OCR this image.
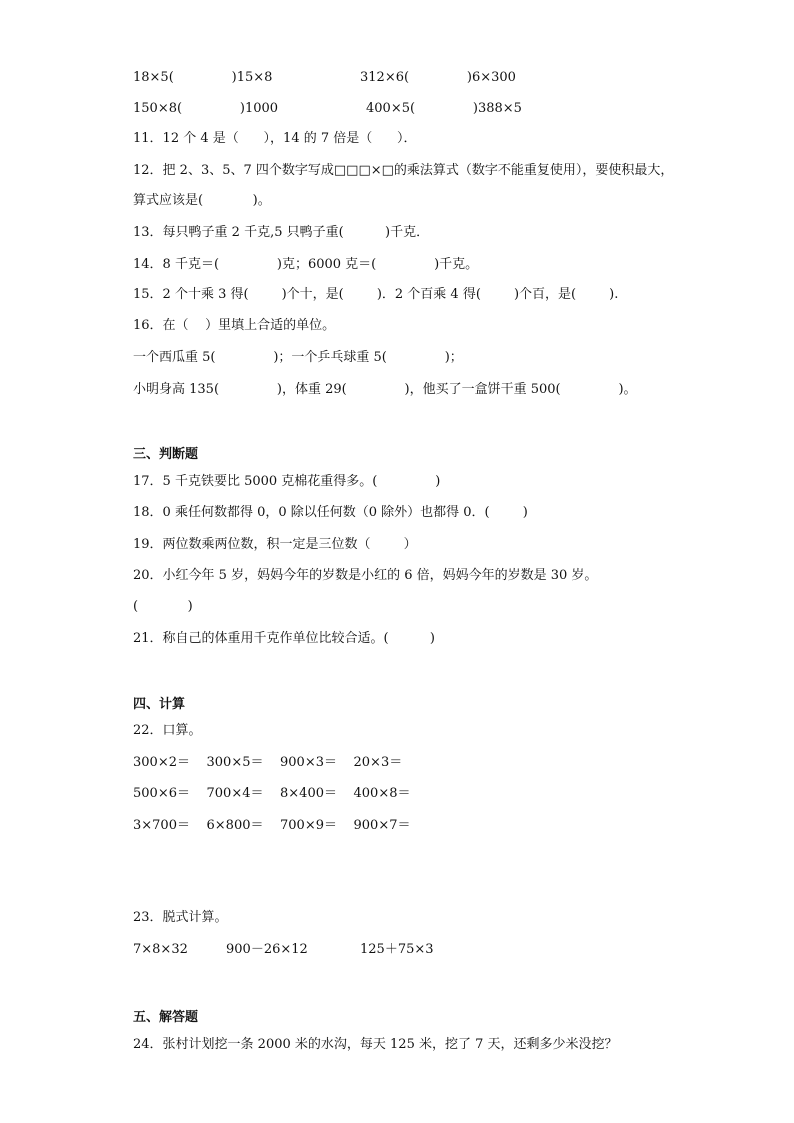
18×5(              )15×8	312×6(              )6×300
150×8(              )1000	400×5(              )388×5
11．12 个 4 是（      ），14 的 7 倍是（      ）．
12．把 2、3、5、7 四个数字写成□□□×□的乘法算式（数字不能重复使用），要使积最大，
算式应该是(            )。
13．每只鸭子重 2 千克,5 只鸭子重(          )千克．
14．8 千克＝(              )克；6000 克＝(              )千克。
15．2 个十乘 3 得(        )个十，是(        )．2 个百乘 4 得(        )个百，是(        ).
16．在（    ）里填上合适的单位。
一个西瓜重 5(              )；一个乒乓球重 5(              )；
小明身高 135(              )，体重 29(              )，他买了一盒饼干重 500(              )。
三、判断题
17．5 千克铁要比 5000 克棉花重得多。(              )
18．0 乘任何数都得 0，0 除以任何数（0 除外）也都得 0．(        )
19．两位数乘两位数，积一定是三位数（        ）
20．小红今年 5 岁，妈妈今年的岁数是小红的 6 倍，妈妈今年的岁数是 30 岁。
(            )
21．称自己的体重用千克作单位比较合适。(          )
四、计算
22．口算。
300×2＝    300×5＝    900×3＝    20×3＝
500×6＝    700×4＝    8×400＝    400×8＝
3×700＝    6×800＝    700×9＝    900×7＝
23．脱式计算。
7×8×32	900－26×12	125＋75×3
五、解答题
24．张村计划挖一条 2000 米的水沟，每天 125 米，挖了 7 天，还剩多少米没挖？
